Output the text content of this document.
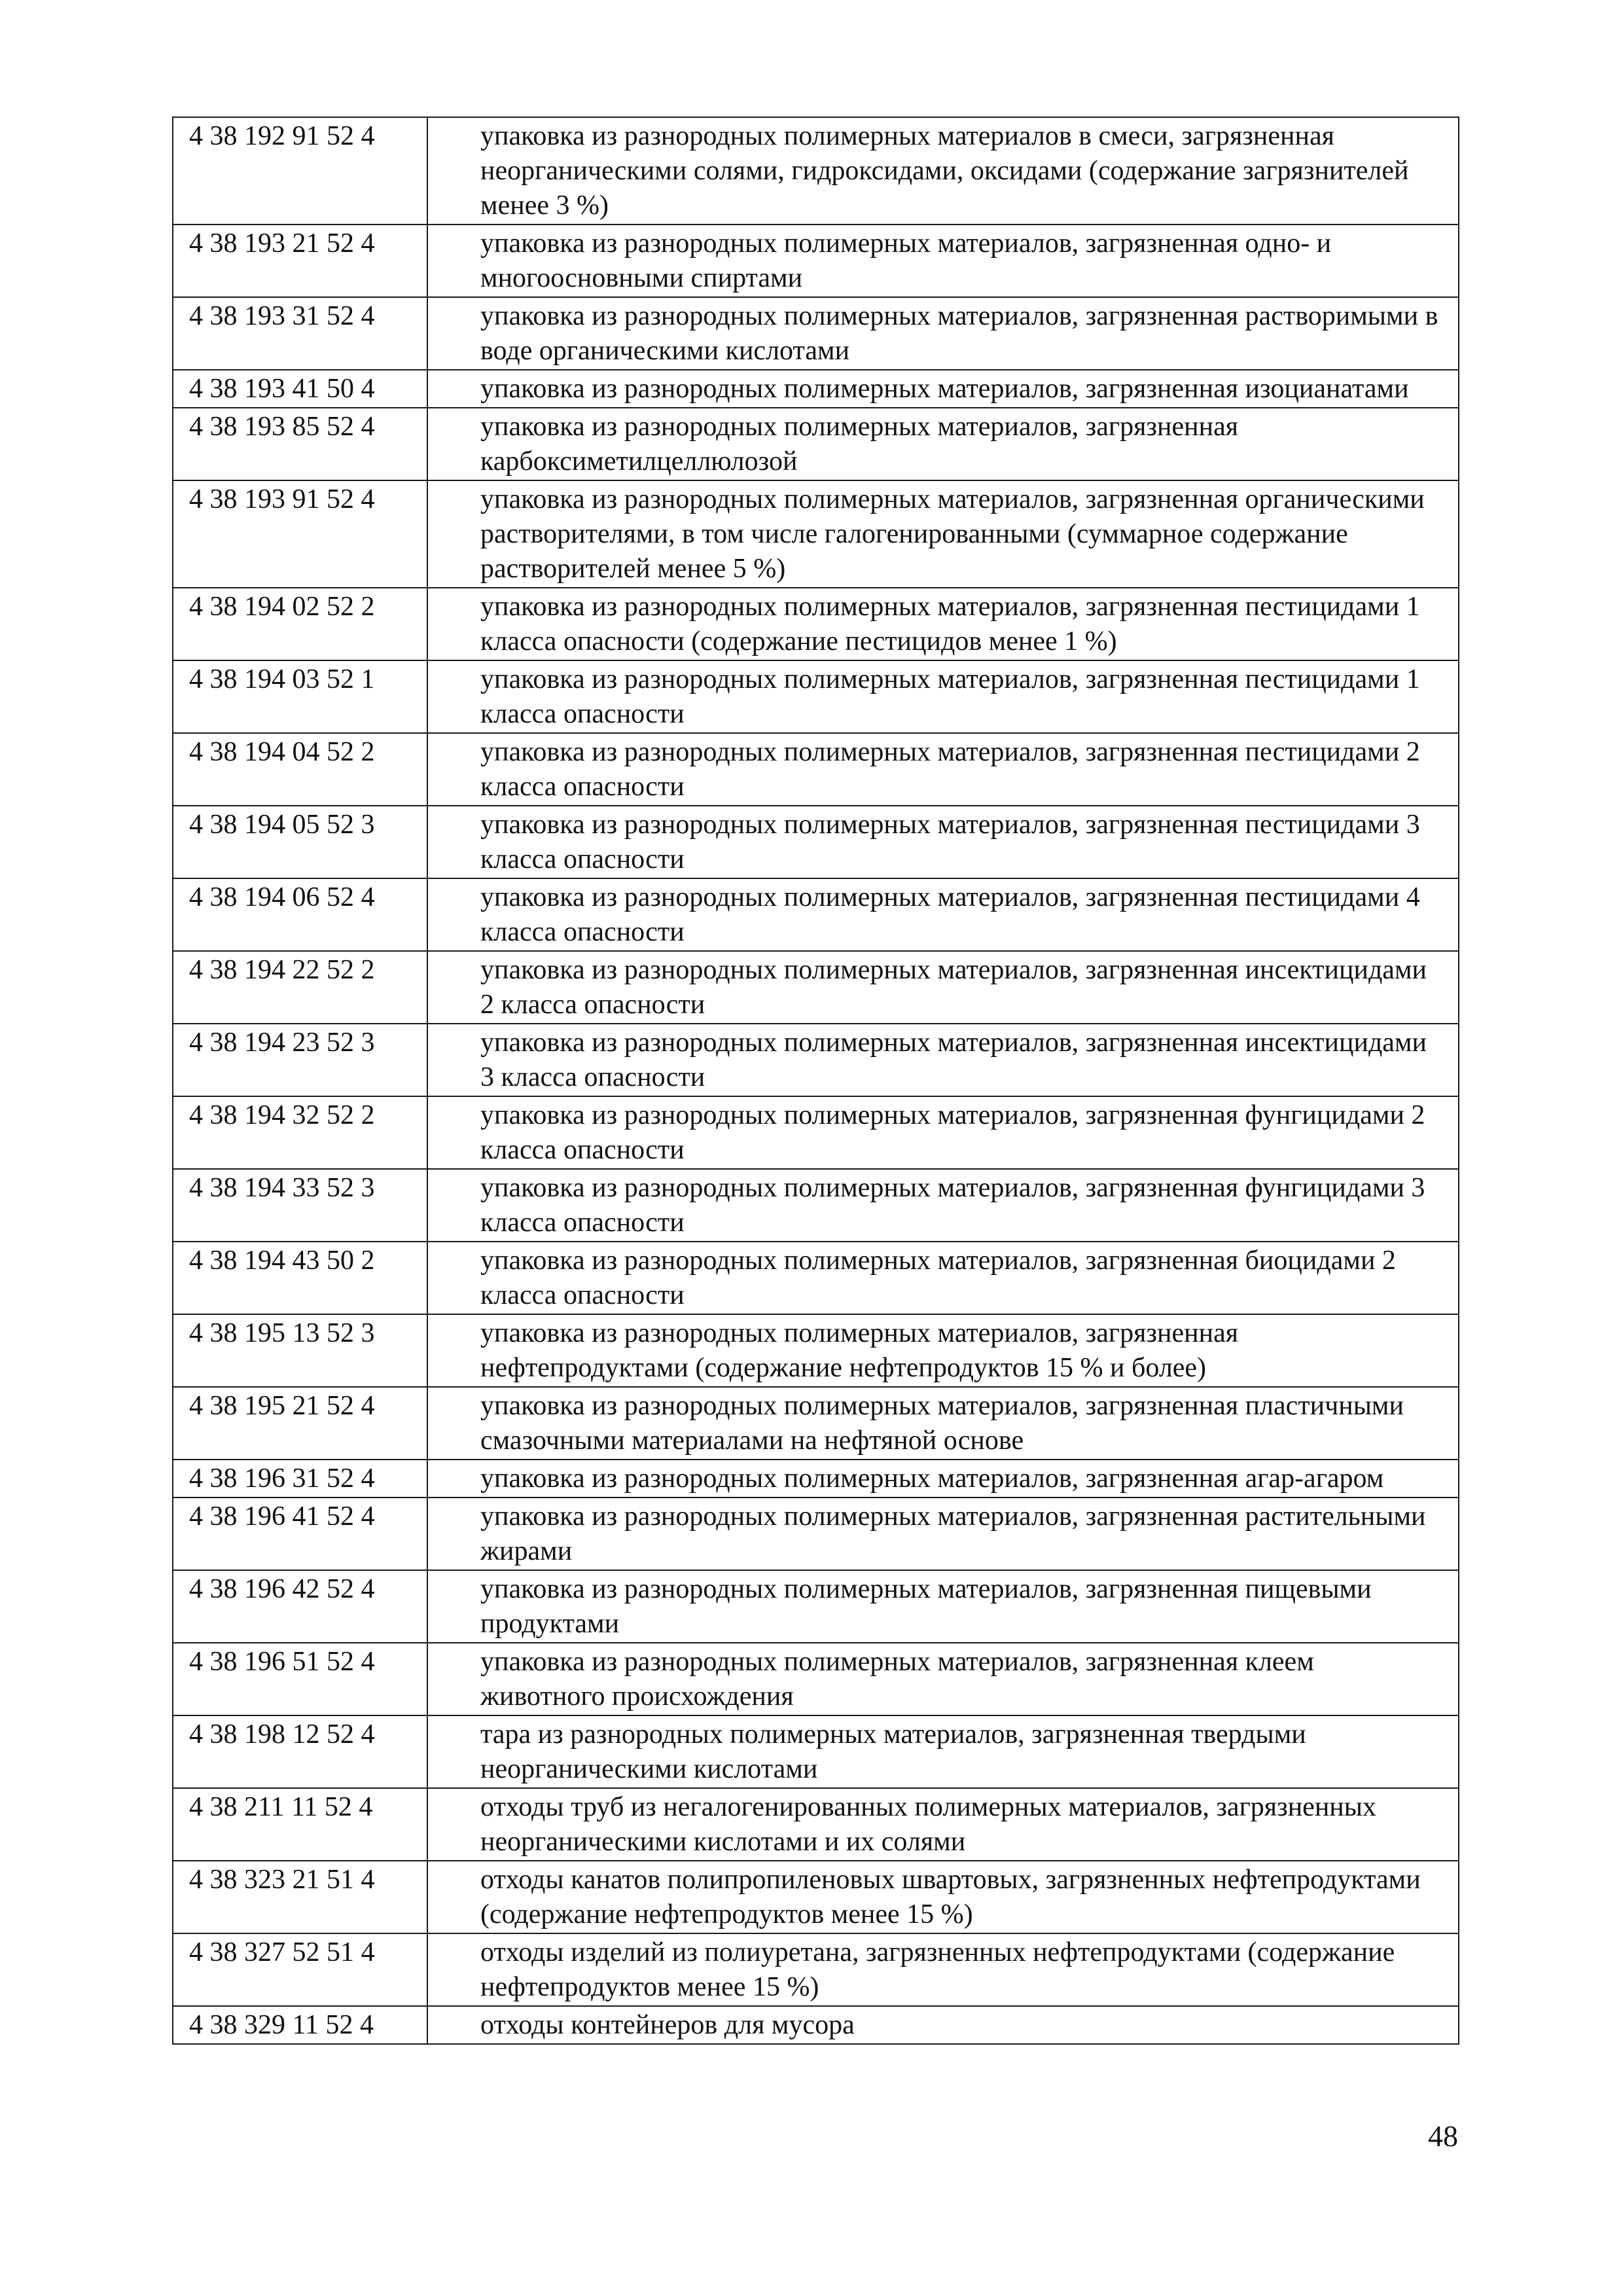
4 38 192 91 52 4	упаковка из разнородных полимерных материалов в смеси, загрязненная неорганическими солями, гидроксидами, оксидами (содержание загрязнителей менее 3 %)
4 38 193 21 52 4	упаковка из разнородных полимерных материалов, загрязненная одно- и многоосновными спиртами
4 38 193 31 52 4	упаковка из разнородных полимерных материалов, загрязненная растворимыми в воде органическими кислотами
4 38 193 41 50 4	упаковка из разнородных полимерных материалов, загрязненная изоцианатами
4 38 193 85 52 4	упаковка из разнородных полимерных материалов, загрязненная карбоксиметилцеллюлозой
4 38 193 91 52 4	упаковка из разнородных полимерных материалов, загрязненная органическими растворителями, в том числе галогенированными (суммарное содержание растворителей менее 5 %)
4 38 194 02 52 2	упаковка из разнородных полимерных материалов, загрязненная пестицидами 1 класса опасности (содержание пестицидов менее 1 %)
4 38 194 03 52 1	упаковка из разнородных полимерных материалов, загрязненная пестицидами 1 класса опасности
4 38 194 04 52 2	упаковка из разнородных полимерных материалов, загрязненная пестицидами 2 класса опасности
4 38 194 05 52 3	упаковка из разнородных полимерных материалов, загрязненная пестицидами 3 класса опасности
4 38 194 06 52 4	упаковка из разнородных полимерных материалов, загрязненная пестицидами 4 класса опасности
4 38 194 22 52 2	упаковка из разнородных полимерных материалов, загрязненная инсектицидами 2 класса опасности
4 38 194 23 52 3	упаковка из разнородных полимерных материалов, загрязненная инсектицидами 3 класса опасности
4 38 194 32 52 2	упаковка из разнородных полимерных материалов, загрязненная фунгицидами 2 класса опасности
4 38 194 33 52 3	упаковка из разнородных полимерных материалов, загрязненная фунгицидами 3 класса опасности
4 38 194 43 50 2	упаковка из разнородных полимерных материалов, загрязненная биоцидами 2 класса опасности
4 38 195 13 52 3	упаковка из разнородных полимерных материалов, загрязненная нефтепродуктами (содержание нефтепродуктов 15 % и более)
4 38 195 21 52 4	упаковка из разнородных полимерных материалов, загрязненная пластичными смазочными материалами на нефтяной основе
4 38 196 31 52 4	упаковка из разнородных полимерных материалов, загрязненная агар-агаром
4 38 196 41 52 4	упаковка из разнородных полимерных материалов, загрязненная растительными жирами
4 38 196 42 52 4	упаковка из разнородных полимерных материалов, загрязненная пищевыми продуктами
4 38 196 51 52 4	упаковка из разнородных полимерных материалов, загрязненная клеем животного происхождения
4 38 198 12 52 4	тара из разнородных полимерных материалов, загрязненная твердыми неорганическими кислотами
4 38 211 11 52 4	отходы труб из негалогенированных полимерных материалов, загрязненных неорганическими кислотами и их солями
4 38 323 21 51 4	отходы канатов полипропиленовых швартовых, загрязненных нефтепродуктами (содержание нефтепродуктов менее 15 %)
4 38 327 52 51 4	отходы изделий из полиуретана, загрязненных нефтепродуктами (содержание нефтепродуктов менее 15 %)
4 38 329 11 52 4	отходы контейнеров для мусора
48
